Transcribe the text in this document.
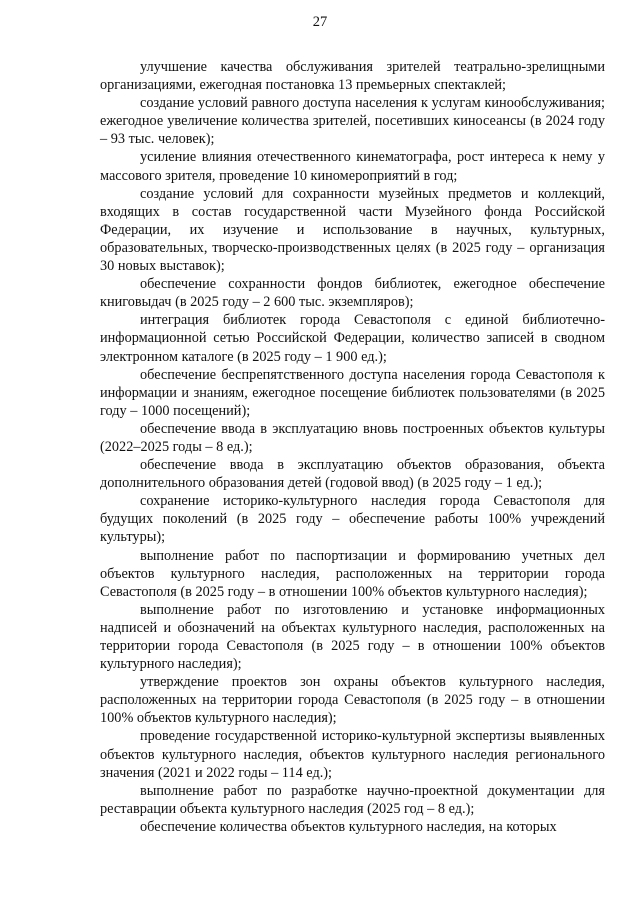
27

улучшение качества обслуживания зрителей театрально-зрелищными организациями, ежегодная постановка 13 премьерных спектаклей;

создание условий равного доступа населения к услугам кинообслуживания; ежегодное увеличение количества зрителей, посетивших киносеансы (в 2024 году – 93 тыс. человек);

усиление влияния отечественного кинематографа, рост интереса к нему у массового зрителя, проведение 10 киномероприятий в год;

создание условий для сохранности музейных предметов и коллекций, входящих в состав государственной части Музейного фонда Российской Федерации, их изучение и использование в научных, культурных, образовательных, творческо-производственных целях (в 2025 году – организация 30 новых выставок);

обеспечение сохранности фондов библиотек, ежегодное обеспечение книговыдач (в 2025 году – 2 600 тыс. экземпляров);

интеграция библиотек города Севастополя с единой библиотечно-информационной сетью Российской Федерации, количество записей в сводном электронном каталоге (в 2025 году – 1 900 ед.);

обеспечение беспрепятственного доступа населения города Севастополя к информации и знаниям, ежегодное посещение библиотек пользователями (в 2025 году – 1000 посещений);

обеспечение ввода в эксплуатацию вновь построенных объектов культуры (2022–2025 годы – 8 ед.);

обеспечение ввода в эксплуатацию объектов образования, объекта дополнительного образования детей (годовой ввод) (в 2025 году – 1 ед.);

сохранение историко-культурного наследия города Севастополя для будущих поколений (в 2025 году – обеспечение работы 100% учреждений культуры);

выполнение работ по паспортизации и формированию учетных дел объектов культурного наследия, расположенных на территории города Севастополя (в 2025 году – в отношении 100% объектов культурного наследия);

выполнение работ по изготовлению и установке информационных надписей и обозначений на объектах культурного наследия, расположенных на территории города Севастополя (в 2025 году – в отношении 100% объектов культурного наследия);

утверждение проектов зон охраны объектов культурного наследия, расположенных на территории города Севастополя (в 2025 году – в отношении 100% объектов культурного наследия);

проведение государственной историко-культурной экспертизы выявленных объектов культурного наследия, объектов культурного наследия регионального значения (2021 и 2022 годы – 114 ед.);

выполнение работ по разработке научно-проектной документации для реставрации объекта культурного наследия (2025 год – 8 ед.);

обеспечение количества объектов культурного наследия, на которых
